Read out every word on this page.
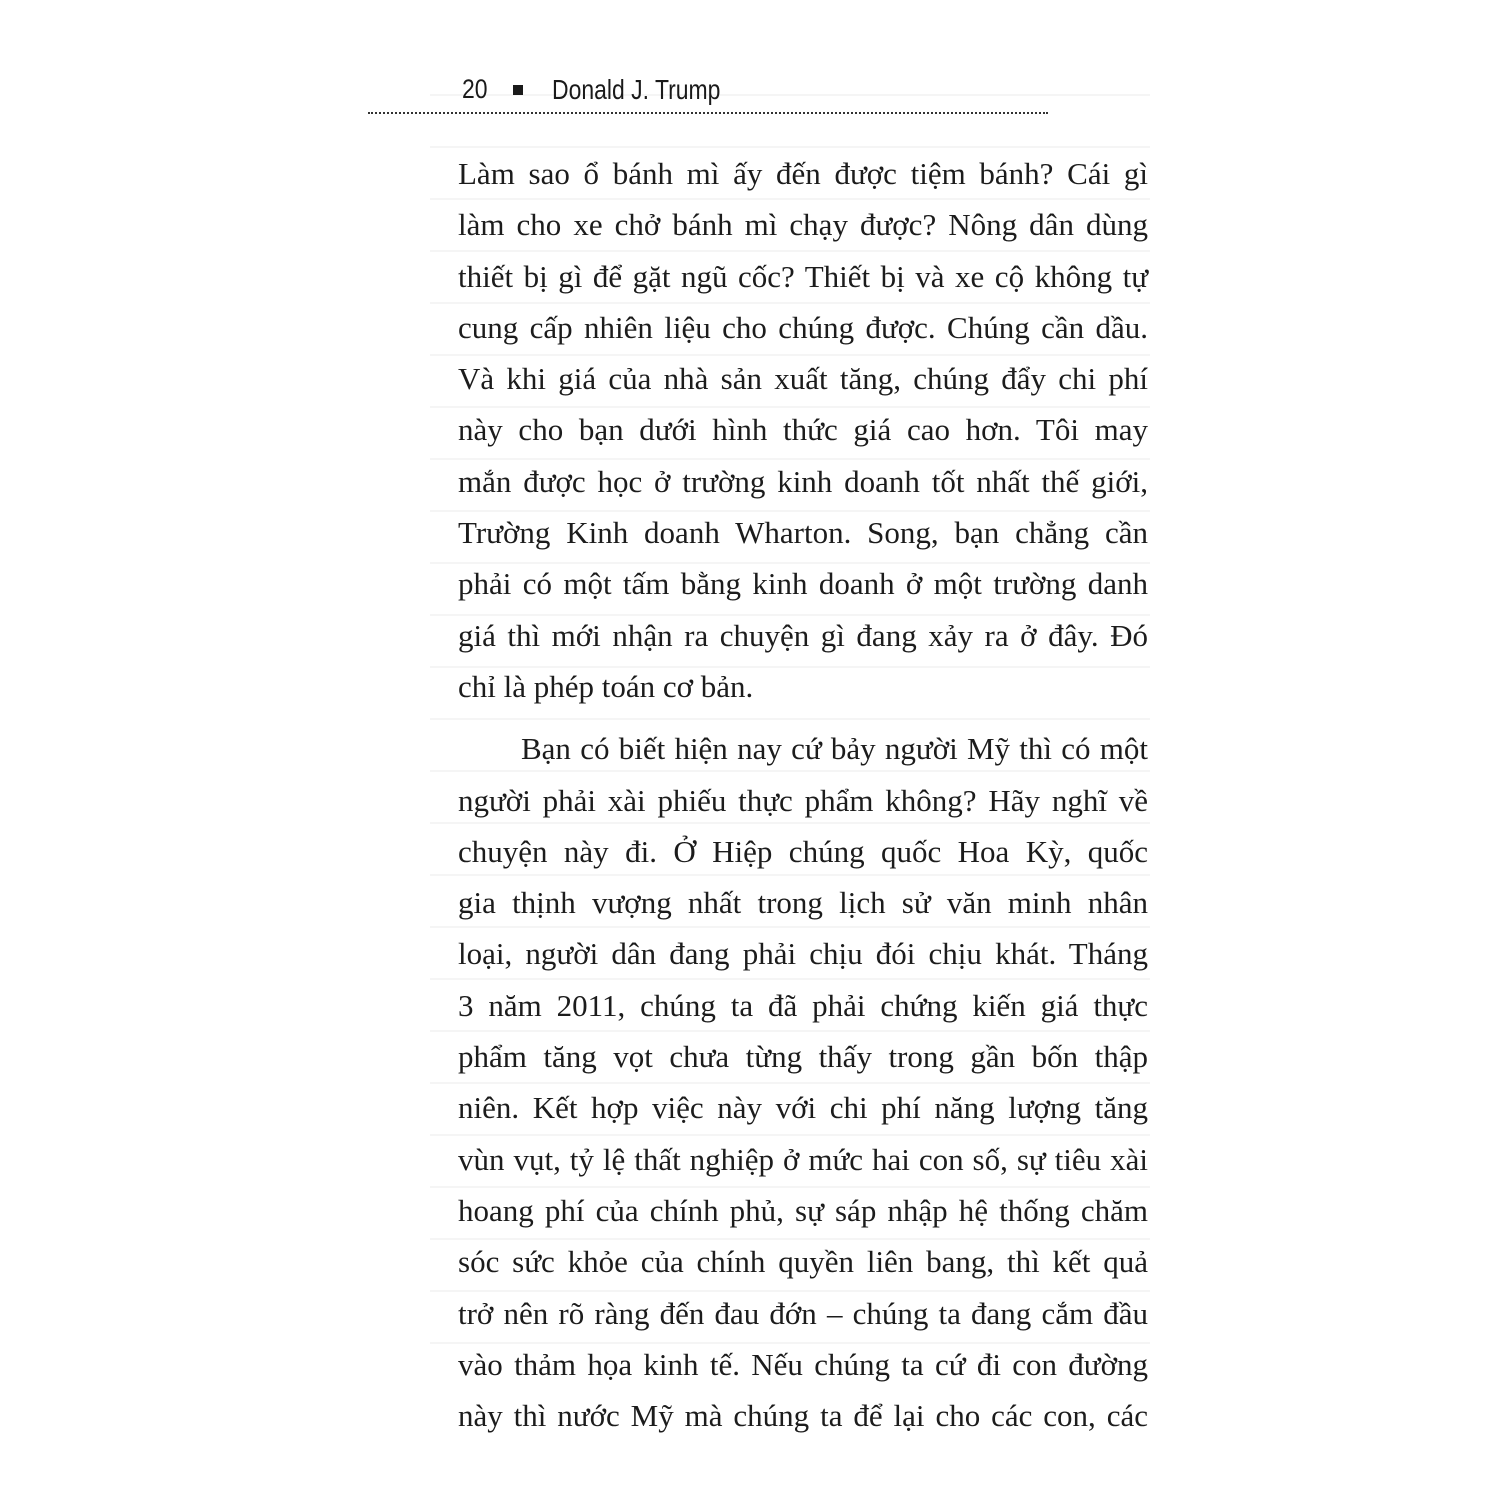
20 Donald J. Trump
Làm sao ổ bánh mì ấy đến được tiệm bánh? Cái gì
làm cho xe chở bánh mì chạy được? Nông dân dùng
thiết bị gì để gặt ngũ cốc? Thiết bị và xe cộ không tự
cung cấp nhiên liệu cho chúng được. Chúng cần dầu.
Và khi giá của nhà sản xuất tăng, chúng đẩy chi phí
này cho bạn dưới hình thức giá cao hơn. Tôi may
mắn được học ở trường kinh doanh tốt nhất thế giới,
Trường Kinh doanh Wharton. Song, bạn chẳng cần
phải có một tấm bằng kinh doanh ở một trường danh
giá thì mới nhận ra chuyện gì đang xảy ra ở đây. Đó
chỉ là phép toán cơ bản.
Bạn có biết hiện nay cứ bảy người Mỹ thì có một
người phải xài phiếu thực phẩm không? Hãy nghĩ về
chuyện này đi. Ở Hiệp chúng quốc Hoa Kỳ, quốc
gia thịnh vượng nhất trong lịch sử văn minh nhân
loại, người dân đang phải chịu đói chịu khát. Tháng
3 năm 2011, chúng ta đã phải chứng kiến giá thực
phẩm tăng vọt chưa từng thấy trong gần bốn thập
niên. Kết hợp việc này với chi phí năng lượng tăng
vùn vụt, tỷ lệ thất nghiệp ở mức hai con số, sự tiêu xài
hoang phí của chính phủ, sự sáp nhập hệ thống chăm
sóc sức khỏe của chính quyền liên bang, thì kết quả
trở nên rõ ràng đến đau đớn – chúng ta đang cắm đầu
vào thảm họa kinh tế. Nếu chúng ta cứ đi con đường
này thì nước Mỹ mà chúng ta để lại cho các con, các
